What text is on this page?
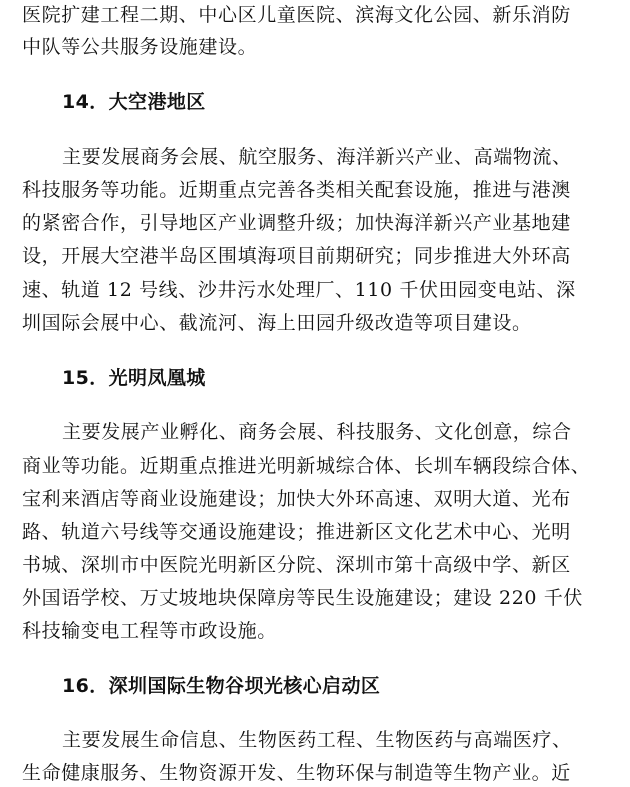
医院扩建工程二期、中心区儿童医院、滨海文化公园、新乐消防
中队等公共服务设施建设。
14．大空港地区
主要发展商务会展、航空服务、海洋新兴产业、高端物流、
科技服务等功能。近期重点完善各类相关配套设施，推进与港澳
的紧密合作，引导地区产业调整升级；加快海洋新兴产业基地建
设，开展大空港半岛区围填海项目前期研究；同步推进大外环高
速、轨道 12 号线、沙井污水处理厂、110 千伏田园变电站、深
圳国际会展中心、截流河、海上田园升级改造等项目建设。
15．光明凤凰城
主要发展产业孵化、商务会展、科技服务、文化创意，综合
商业等功能。近期重点推进光明新城综合体、长圳车辆段综合体、
宝利来酒店等商业设施建设；加快大外环高速、双明大道、光布
路、轨道六号线等交通设施建设；推进新区文化艺术中心、光明
书城、深圳市中医院光明新区分院、深圳市第十高级中学、新区
外国语学校、万丈坡地块保障房等民生设施建设；建设 220 千伏
科技输变电工程等市政设施。
16．深圳国际生物谷坝光核心启动区
主要发展生命信息、生物医药工程、生物医药与高端医疗、
生命健康服务、生物资源开发、生物环保与制造等生物产业。近
